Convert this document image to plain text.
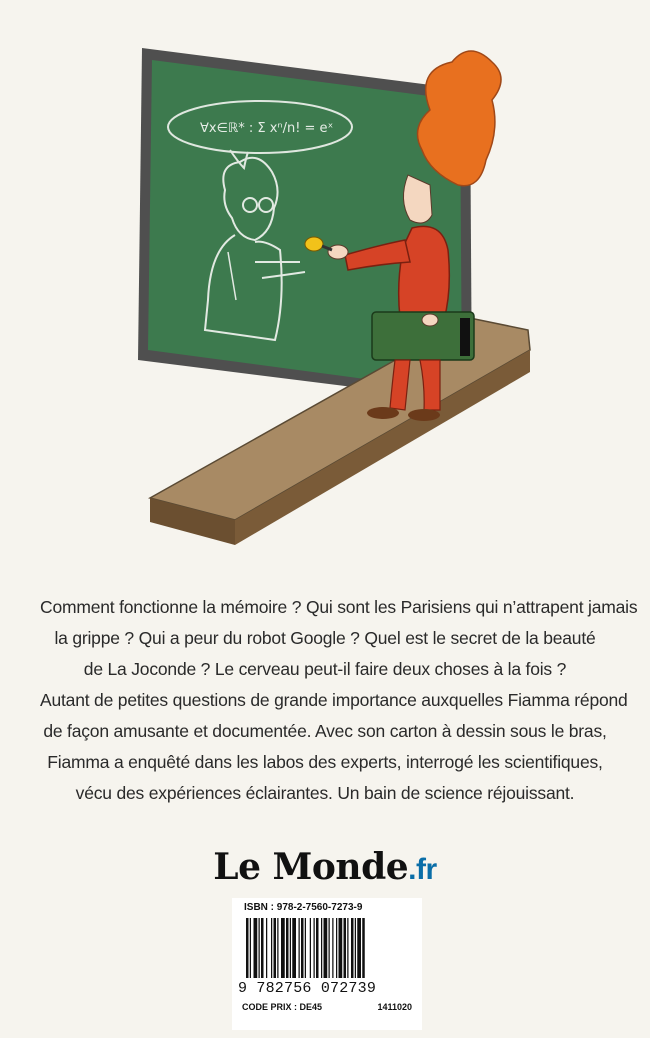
∀x∈ℝ* : Σ xⁿ/n! = eˣ

Comment fonctionne la mémoire ? Qui sont les Parisiens qui n’attrapent jamais

la grippe ? Qui a peur du robot Google ? Quel est le secret de la beauté

de La Joconde ? Le cerveau peut-il faire deux choses à la fois ?

Autant de petites questions de grande importance auxquelles Fiamma répond

de façon amusante et documentée. Avec son carton à dessin sous le bras,

Fiamma a enquêté dans les labos des experts, interrogé les scientifiques,

vécu des expériences éclairantes. Un bain de science réjouissant.

Le Monde.fr
ISBN : 978-2-7560-7273-9
9 782756 072739
CODE PRIX : DE45	1411020
